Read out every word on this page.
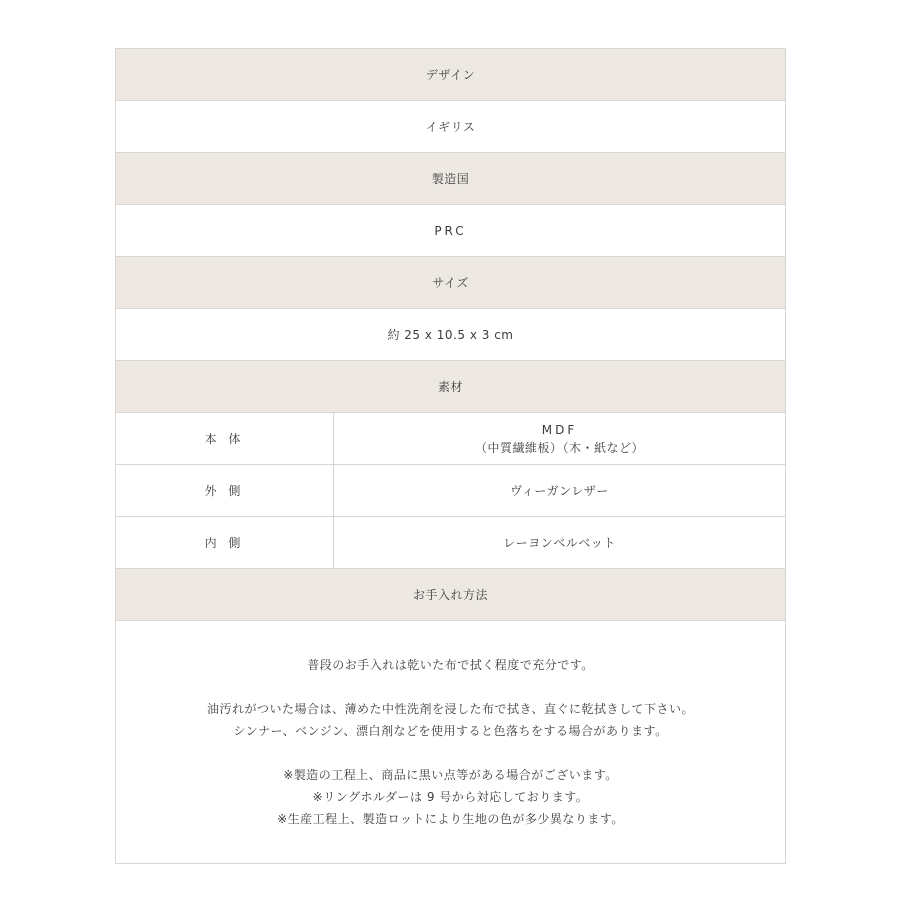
デザイン
イギリス
製造国
PRC
サイズ
約 25 x 10.5 x 3 cm
素材
本 体
MDF
（中質繊維板）（木・紙など）
外 側	ヴィーガンレザー
内 側	レーヨンベルベット
お手入れ方法
普段のお手入れは乾いた布で拭く程度で充分です。
油汚れがついた場合は、薄めた中性洗剤を浸した布で拭き、直ぐに乾拭きして下さい。
シンナー、ベンジン、漂白剤などを使用すると色落ちをする場合があります。
※製造の工程上、商品に黒い点等がある場合がございます。
※リングホルダーは 9 号から対応しております。
※生産工程上、製造ロットにより生地の色が多少異なります。
